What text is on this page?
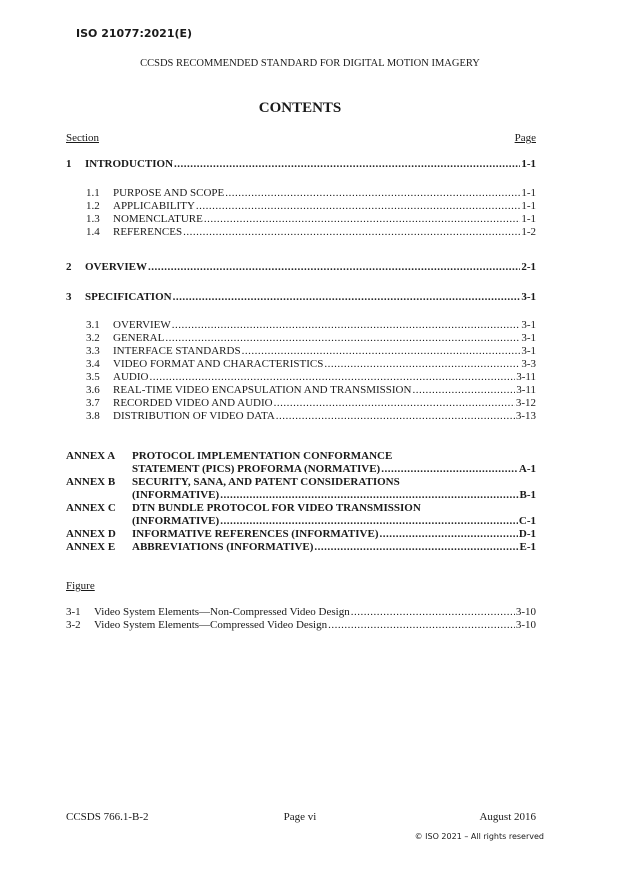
ISO 21077:2021(E)
CCSDS RECOMMENDED STANDARD FOR DIGITAL MOTION IMAGERY
CONTENTS
Section	Page
1	INTRODUCTION .....	1-1
1.1	PURPOSE AND SCOPE .....	1-1
1.2	APPLICABILITY .....	1-1
1.3	NOMENCLATURE .....	1-1
1.4	REFERENCES .....	1-2
2	OVERVIEW .....	2-1
3	SPECIFICATION .....	3-1
3.1	OVERVIEW .....	3-1
3.2	GENERAL .....	3-1
3.3	INTERFACE STANDARDS .....	3-1
3.4	VIDEO FORMAT AND CHARACTERISTICS .....	3-3
3.5	AUDIO .....	3-11
3.6	REAL-TIME VIDEO ENCAPSULATION AND TRANSMISSION .....	3-11
3.7	RECORDED VIDEO AND AUDIO .....	3-12
3.8	DISTRIBUTION OF VIDEO DATA .....	3-13
ANNEX A	PROTOCOL IMPLEMENTATION CONFORMANCE
STATEMENT (PICS) PROFORMA (NORMATIVE) .....	A-1
ANNEX B	SECURITY, SANA, AND PATENT CONSIDERATIONS
(INFORMATIVE) .....	B-1
ANNEX C	DTN BUNDLE PROTOCOL FOR VIDEO TRANSMISSION
(INFORMATIVE) .....	C-1
ANNEX D	INFORMATIVE REFERENCES (INFORMATIVE) .....	D-1
ANNEX E	ABBREVIATIONS (INFORMATIVE) .....	E-1
Figure
3-1	Video System Elements—Non-Compressed Video Design .....	3-10
3-2	Video System Elements—Compressed Video Design .....	3-10
CCSDS 766.1-B-2	Page vi	August 2016
© ISO 2021 – All rights reserved
